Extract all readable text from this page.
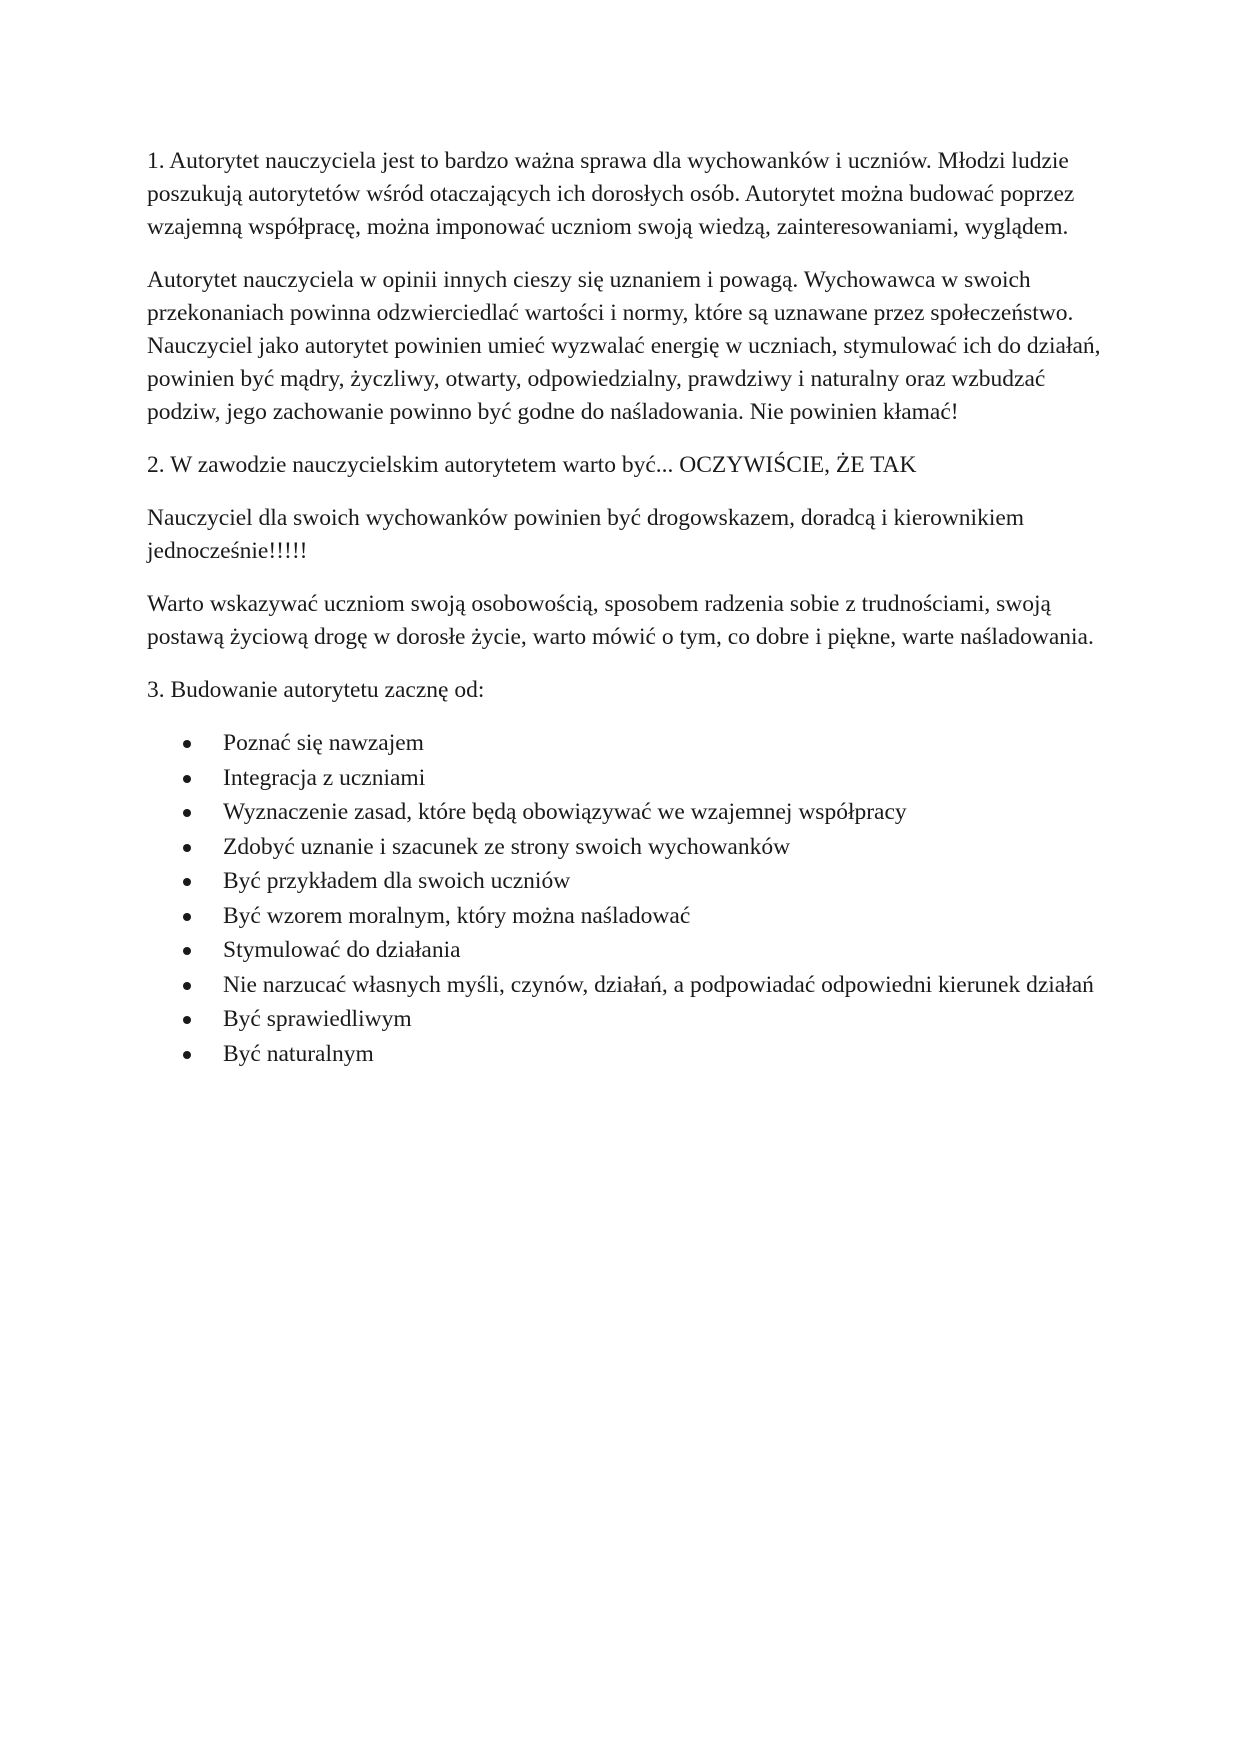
1. Autorytet nauczyciela jest to bardzo ważna sprawa dla wychowanków i uczniów. Młodzi ludzie poszukują autorytetów wśród otaczających ich dorosłych osób. Autorytet można budować poprzez wzajemną współpracę, można imponować uczniom swoją wiedzą, zainteresowaniami, wyglądem.

Autorytet nauczyciela w opinii innych cieszy się uznaniem i powagą. Wychowawca w swoich przekonaniach powinna odzwierciedlać wartości i normy, które są uznawane przez społeczeństwo. Nauczyciel jako autorytet powinien umieć wyzwalać energię w uczniach, stymulować ich do działań, powinien być mądry, życzliwy, otwarty, odpowiedzialny, prawdziwy i naturalny oraz wzbudzać podziw, jego zachowanie powinno być godne do naśladowania. Nie powinien kłamać!

2. W zawodzie nauczycielskim autorytetem warto być... OCZYWIŚCIE, ŻE TAK

Nauczyciel dla swoich wychowanków powinien być drogowskazem, doradcą i kierownikiem jednocześnie!!!!!

Warto wskazywać uczniom swoją osobowością, sposobem radzenia sobie z trudnościami, swoją postawą życiową drogę w dorosłe życie, warto mówić o tym, co dobre i piękne, warte naśladowania.

3. Budowanie autorytetu zacznę od:

Poznać się nawzajem
Integracja z uczniami
Wyznaczenie zasad, które będą obowiązywać we wzajemnej współpracy
Zdobyć uznanie i szacunek ze strony swoich wychowanków
Być przykładem dla swoich uczniów
Być wzorem moralnym, który można naśladować
Stymulować do działania
Nie narzucać własnych myśli, czynów, działań, a podpowiadać odpowiedni kierunek działań
Być sprawiedliwym
Być naturalnym
